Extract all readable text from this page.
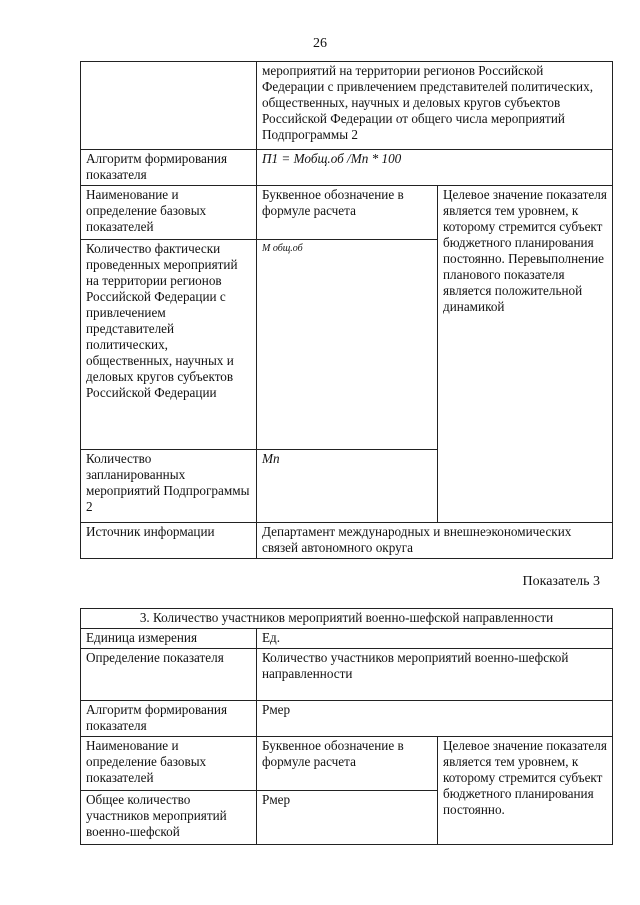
26
	мероприятий на территории регионов Российской Федерации с привлечением представителей политических, общественных, научных и деловых кругов субъектов Российской Федерации от общего числа мероприятий Подпрограммы 2	
Алгоритм формирования показателя	П1 = Мобщ.об /Мп * 100	
Наименование и определение базовых показателей	Буквенное обозначение в формуле расчета	Целевое значение показателя является тем уровнем, к которому стремится субъект бюджетного планирования постоянно. Перевыполнение планового показателя является положительной динамикой
Количество фактически проведенных мероприятий на территории регионов Российской Федерации с привлечением представителей политических, общественных, научных и деловых кругов субъектов Российской Федерации	М общ.об	
Количество запланированных мероприятий Подпрограммы 2	Мп	
Источник информации	Департамент международных и внешнеэкономических связей автономного округа	
Показатель 3
3. Количество участников мероприятий военно-шефской направленности		
Единица измерения	Ед.	
Определение показателя	Количество участников мероприятий военно-шефской направленности	
Алгоритм формирования показателя	Pмер	
Наименование и определение базовых показателей	Буквенное обозначение в формуле расчета	Целевое значение показателя является тем уровнем, к которому стремится субъект бюджетного планирования постоянно.
Общее количество участников мероприятий военно-шефской	Pмер	
